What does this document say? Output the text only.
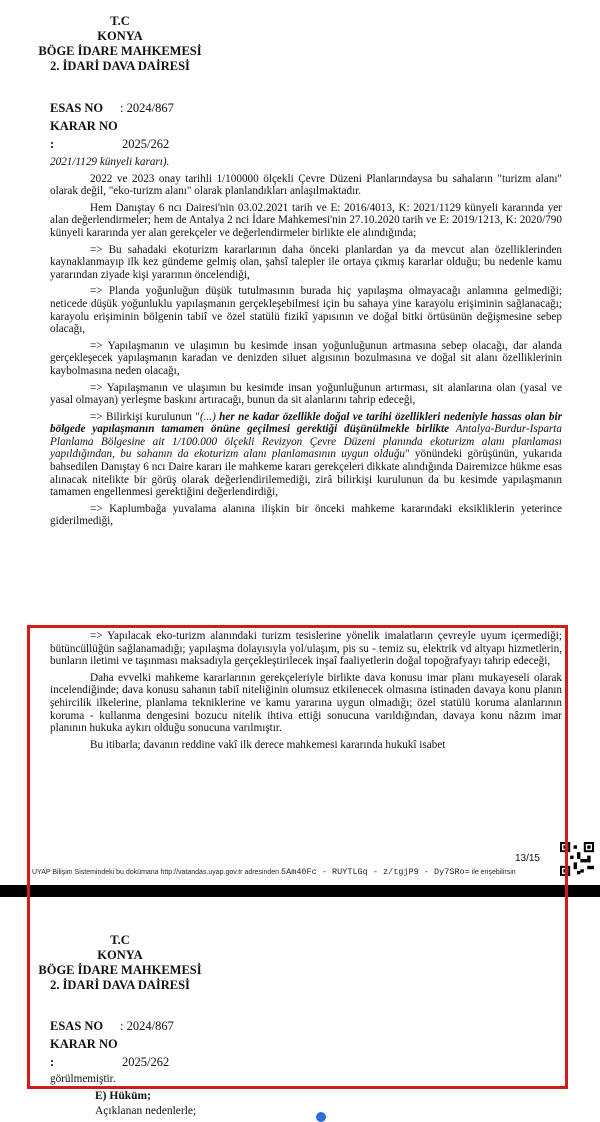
T.C
KONYA
BÖGE İDARE MAHKEMESİ
2. İDARİ DAVA DAİRESİ
ESAS NO : 2024/867
KARAR NO :	2025/262

2021/1129 künyeli kararı).

2022 ve 2023 onay tarihli 1/100000 ölçekli Çevre Düzeni Planlarındaysa bu sahaların "turizm alanı" olarak değil, "eko-turizm alanı" olarak planlandıkları anlaşılmaktadır.

Hem Danıştay 6 ncı Dairesi'nin 03.02.2021 tarih ve E: 2016/4013, K: 2021/1129 künyeli kararında yer alan değerlendirmeler; hem de Antalya 2 nci İdare Mahkemesi'nin 27.10.2020 tarih ve E: 2019/1213, K: 2020/790 künyeli kararında yer alan gerekçeler ve değerlendirmeler birlikte ele alındığında;

=> Bu sahadaki ekoturizm kararlarının daha önceki planlardan ya da mevcut alan özelliklerinden kaynaklanmayıp ilk kez gündeme gelmiş olan, şahsî talepler ile ortaya çıkmış kararlar olduğu; bu nedenle kamu yararından ziyade kişi yararının öncelendiği,

=> Planda yoğunluğun düşük tutulmasının burada hiç yapılaşma olmayacağı anlamına gelmediği; neticede düşük yoğunluklu yapılaşmanın gerçekleşebilmesi için bu sahaya yine karayolu erişiminin sağlanacağı; karayolu erişiminin bölgenin tabiî ve özel statülü fizikî yapısının ve doğal bitki örtüsünün değişmesine sebep olacağı,

=> Yapılaşmanın ve ulaşımın bu kesimde insan yoğunluğunun artmasına sebep olacağı, dar alanda gerçekleşecek yapılaşmanın karadan ve denizden siluet algısının bozulmasına ve doğal sit alanı özelliklerinin kaybolmasına neden olacağı,

=> Yapılaşmanın ve ulaşımın bu kesimde insan yoğunluğunun artırması, sit alanlarına olan (yasal ve yasal olmayan) yerleşme baskını artıracağı, bunun da sit alanlarını tahrip edeceği,

=> Bilirkişi kurulunun "(...) her ne kadar özellikle doğal ve tarihi özellikleri nedeniyle hassas olan bir bölgede yapılaşmanın tamamen önüne geçilmesi gerektiği düşünülmekle birlikte Antalya-Burdur-Isparta Planlama Bölgesine ait 1/100.000 ölçekli Revizyon Çevre Düzeni planında ekoturizm alanı planlaması yapıldığından, bu sahanın da ekoturizm alanı planlamasının uygun olduğu" yönündeki görüşünün, yukarıda bahsedilen Danıştay 6 ncı Daire kararı ile mahkeme kararı gerekçeleri dikkate alındığında Dairemizce hükme esas alınacak nitelikte bir görüş olarak değerlendirilemediği, zirâ bilirkişi kurulunun da bu kesimde yapılaşmanın tamamen engellenmesi gerektiğini değerlendirdiği,

=> Kaplumbağa yuvalama alanına ilişkin bir önceki mahkeme kararındaki eksikliklerin yeterince giderilmediği,

=> Yapılacak eko-turizm alanındaki turizm tesislerine yönelik imalatların çevreyle uyum içermediği; bütüncüllüğün sağlanamadığı; yapılaşma dolayısıyla yol/ulaşım, pis su - temiz su, elektrik vd altyapı hizmetlerin, bunların iletimi ve taşınması maksadıyla gerçekleştirilecek inşaî faaliyetlerin doğal topoğrafyayı tahrip edeceği,

Daha evvelki mahkeme kararlarının gerekçeleriyle birlikte dava konusu imar planı mukayeseli olarak incelendiğinde; dava konusu sahanın tabiî niteliğinin olumsuz etkilenecek olmasına istinaden davaya konu planın şehircilik ilkelerine, planlama tekniklerine ve kamu yararına uygun olmadığı; özel statülü koruma alanlarının koruma - kullanma dengesini bozucu nitelik ihtiva ettiği sonucuna varıldığından, davaya konu nâzım imar planının hukuka aykırı olduğu sonucuna varılmıştır.

Bu itibarla; davanın reddine vakî ilk derece mahkemesi kararında hukukî isabet

13/15
UYAP Bilişim Sistemindeki bu dokümana http://vatandas.uyap.gov.tr adresinden 5Am40Fc - RUYTLGq - z/tgjP9 - Dy7SRo= ile erişebilirsin
T.C
KONYA
BÖGE İDARE MAHKEMESİ
2. İDARİ DAVA DAİRESİ
ESAS NO : 2024/867
KARAR NO :	2025/262

görülmemiştir.

E) Hüküm;
Açıklanan nedenlerle;
